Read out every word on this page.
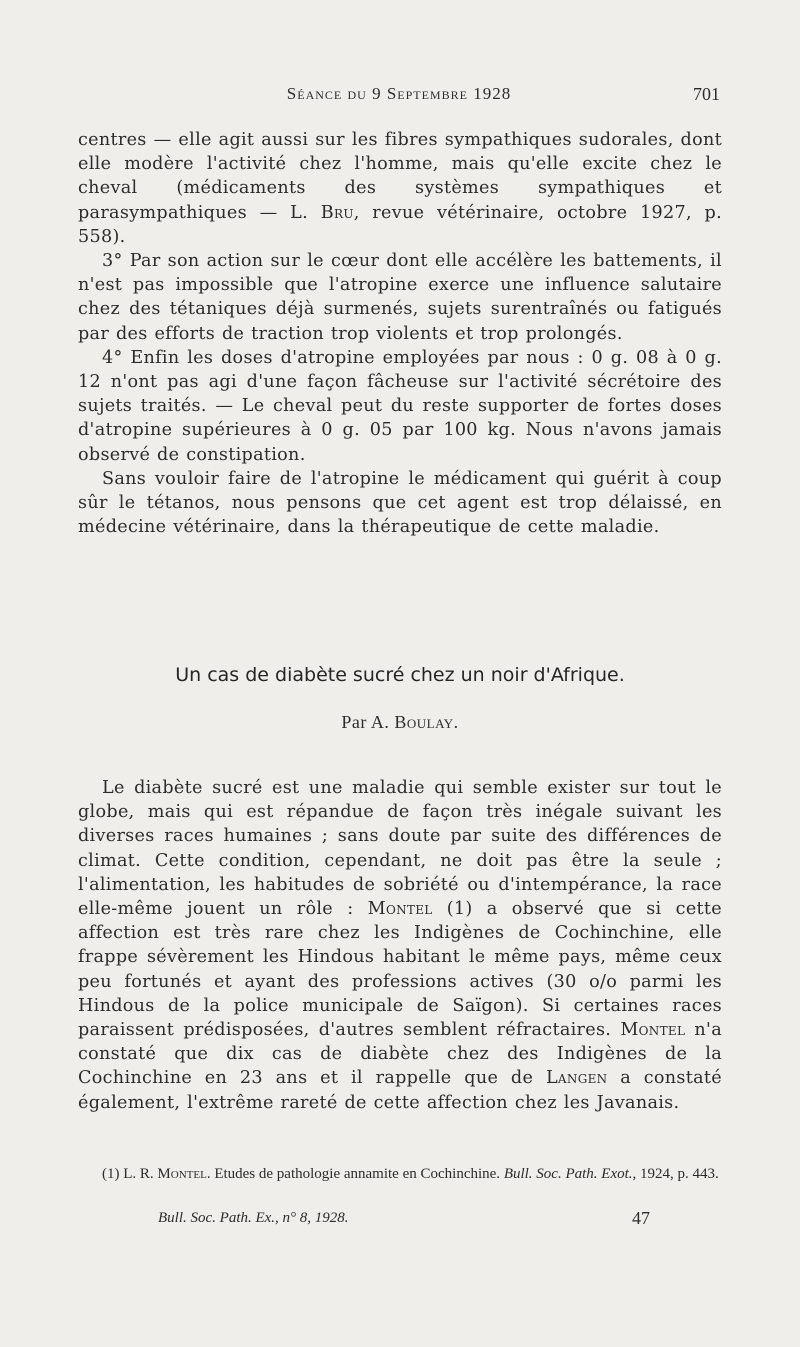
Séance du 9 Septembre 1928	701

centres — elle agit aussi sur les fibres sympathiques sudorales, dont elle modère l'activité chez l'homme, mais qu'elle excite chez le cheval (médicaments des systèmes sympathiques et parasympathiques — L. Bru, revue vétérinaire, octobre 1927, p. 558).

3° Par son action sur le cœur dont elle accélère les battements, il n'est pas impossible que l'atropine exerce une influence salutaire chez des tétaniques déjà surmenés, sujets surentraînés ou fatigués par des efforts de traction trop violents et trop prolongés.

4° Enfin les doses d'atropine employées par nous : 0 g. 08 à 0 g. 12 n'ont pas agi d'une façon fâcheuse sur l'activité sécrétoire des sujets traités. — Le cheval peut du reste supporter de fortes doses d'atropine supérieures à 0 g. 05 par 100 kg. Nous n'avons jamais observé de constipation.

Sans vouloir faire de l'atropine le médicament qui guérit à coup sûr le tétanos, nous pensons que cet agent est trop délaissé, en médecine vétérinaire, dans la thérapeutique de cette maladie.

Un cas de diabète sucré chez un noir d'Afrique.
Par A. Boulay.

Le diabète sucré est une maladie qui semble exister sur tout le globe, mais qui est répandue de façon très inégale suivant les diverses races humaines ; sans doute par suite des différences de climat. Cette condition, cependant, ne doit pas être la seule ; l'alimentation, les habitudes de sobriété ou d'intempérance, la race elle-même jouent un rôle : Montel (1) a observé que si cette affection est très rare chez les Indigènes de Cochinchine, elle frappe sévèrement les Hindous habitant le même pays, même ceux peu fortunés et ayant des professions actives (30 o/o parmi les Hindous de la police municipale de Saïgon). Si certaines races paraissent prédisposées, d'autres semblent réfractaires. Montel n'a constaté que dix cas de diabète chez des Indigènes de la Cochinchine en 23 ans et il rappelle que de Langen a constaté également, l'extrême rareté de cette affection chez les Javanais.

(1) L. R. Montel. Etudes de pathologie annamite en Cochinchine. Bull. Soc. Path. Exot., 1924, p. 443.

Bull. Soc. Path. Ex., n° 8, 1928.	47
